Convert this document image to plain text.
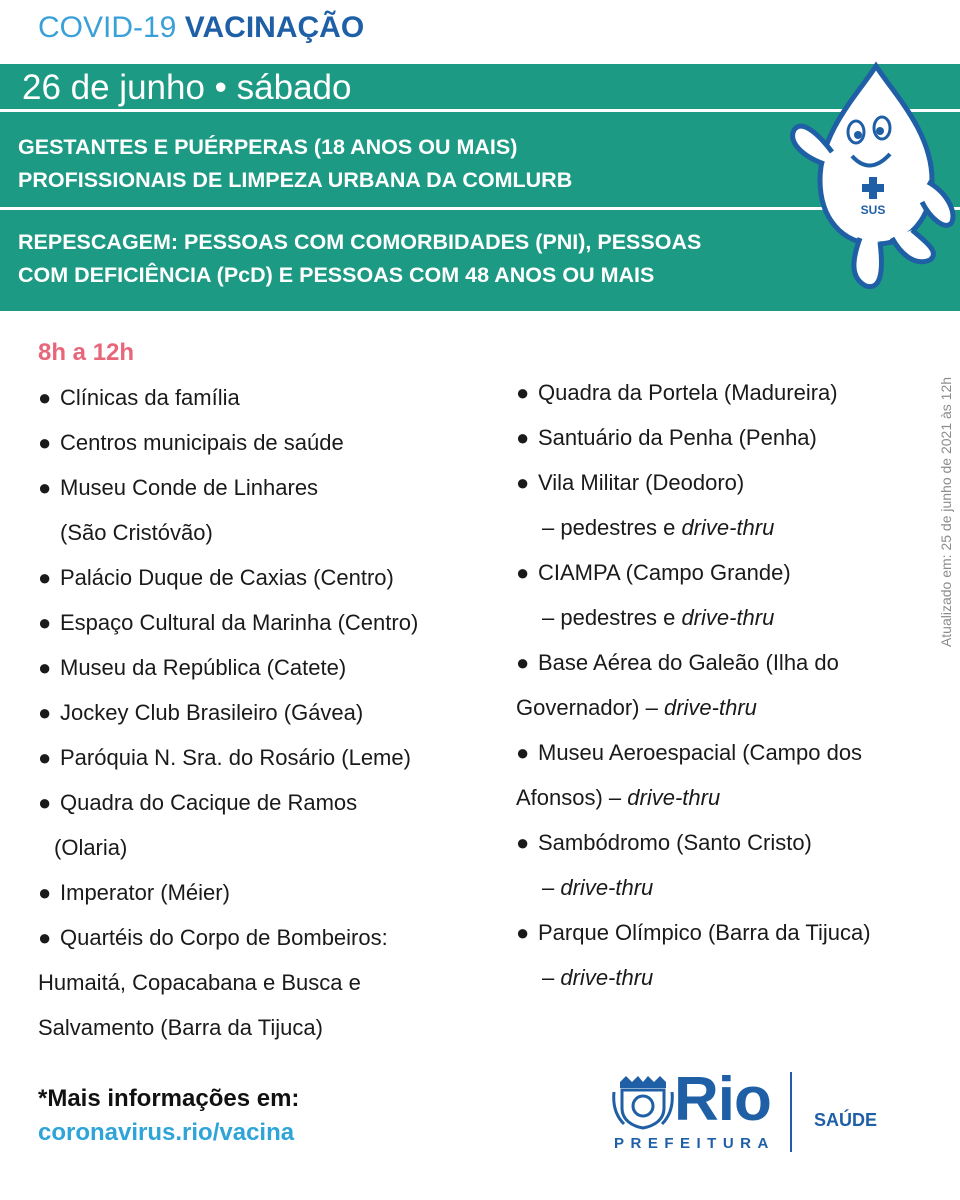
COVID-19 VACINAÇÃO
26 de junho • sábado
GESTANTES E PUÉRPERAS (18 ANOS OU MAIS)
PROFISSIONAIS DE LIMPEZA URBANA DA COMLURB
REPESCAGEM: PESSOAS COM COMORBIDADES (PNI), PESSOAS
COM DEFICIÊNCIA (PcD) E PESSOAS COM 48 ANOS OU MAIS
SUS
8h a 12h
● Clínicas da família
● Centros municipais de saúde
● Museu Conde de Linhares
(São Cristóvão)
● Palácio Duque de Caxias (Centro)
● Espaço Cultural da Marinha (Centro)
● Museu da República (Catete)
● Jockey Club Brasileiro (Gávea)
● Paróquia N. Sra. do Rosário (Leme)
● Quadra do Cacique de Ramos
(Olaria)
● Imperator (Méier)
● Quartéis do Corpo de Bombeiros:
Humaitá, Copacabana e Busca e
Salvamento (Barra da Tijuca)
● Quadra da Portela (Madureira)
● Santuário da Penha (Penha)
● Vila Militar (Deodoro)
– pedestres e drive-thru
● CIAMPA (Campo Grande)
– pedestres e drive-thru
● Base Aérea do Galeão (Ilha do
Governador) – drive-thru
● Museu Aeroespacial (Campo dos
Afonsos) – drive-thru
● Sambódromo (Santo Cristo)
– drive-thru
● Parque Olímpico (Barra da Tijuca)
– drive-thru
Atualizado em: 25 de junho de 2021 às 12h
*Mais informações em:
coronavirus.rio/vacina	Rio
PREFEITURA
SAÚDE
